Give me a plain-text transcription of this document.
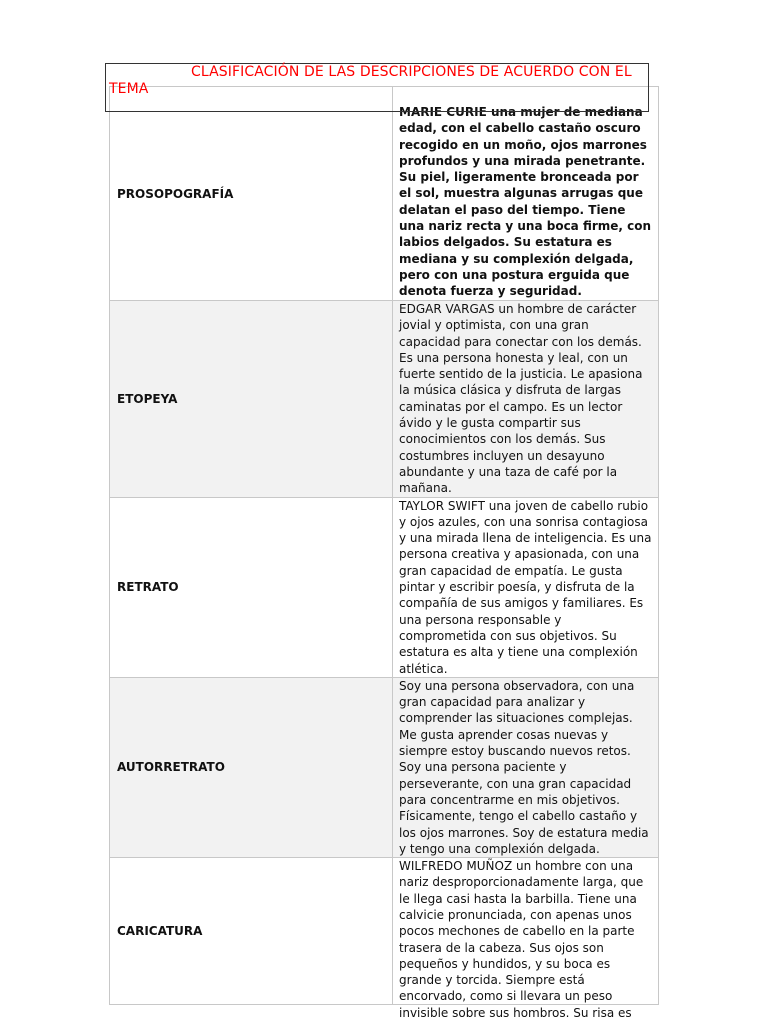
CLASIFICACIÓN DE LAS DESCRIPCIONES DE ACUERDO CON EL TEMA
PROSOPOGRAFÍA	MARIE CURIE una mujer de mediana edad, con el cabello castaño oscuro recogido en un moño, ojos marrones profundos y una mirada penetrante. Su piel, ligeramente bronceada por el sol, muestra algunas arrugas que delatan el paso del tiempo. Tiene una nariz recta y una boca firme, con labios delgados. Su estatura es mediana y su complexión delgada, pero con una postura erguida que denota fuerza y seguridad.
ETOPEYA	EDGAR VARGAS un hombre de carácter jovial y optimista, con una gran capacidad para conectar con los demás. Es una persona honesta y leal, con un fuerte sentido de la justicia. Le apasiona la música clásica y disfruta de largas caminatas por el campo. Es un lector ávido y le gusta compartir sus conocimientos con los demás. Sus costumbres incluyen un desayuno abundante y una taza de café por la mañana.
RETRATO	TAYLOR SWIFT una joven de cabello rubio y ojos azules, con una sonrisa contagiosa y una mirada llena de inteligencia. Es una persona creativa y apasionada, con una gran capacidad de empatía. Le gusta pintar y escribir poesía, y disfruta de la compañía de sus amigos y familiares. Es una persona responsable y comprometida con sus objetivos. Su estatura es alta y tiene una complexión atlética.
AUTORRETRATO	Soy una persona observadora, con una gran capacidad para analizar y comprender las situaciones complejas. Me gusta aprender cosas nuevas y siempre estoy buscando nuevos retos. Soy una persona paciente y perseverante, con una gran capacidad para concentrarme en mis objetivos. Físicamente, tengo el cabello castaño y los ojos marrones. Soy de estatura media y tengo una complexión delgada.
CARICATURA	WILFREDO MUÑOZ un hombre con una nariz desproporcionadamente larga, que le llega casi hasta la barbilla. Tiene una calvicie pronunciada, con apenas unos pocos mechones de cabello en la parte trasera de la cabeza. Sus ojos son pequeños y hundidos, y su boca es grande y torcida. Siempre está encorvado, como si llevara un peso invisible sobre sus hombros. Su risa es
